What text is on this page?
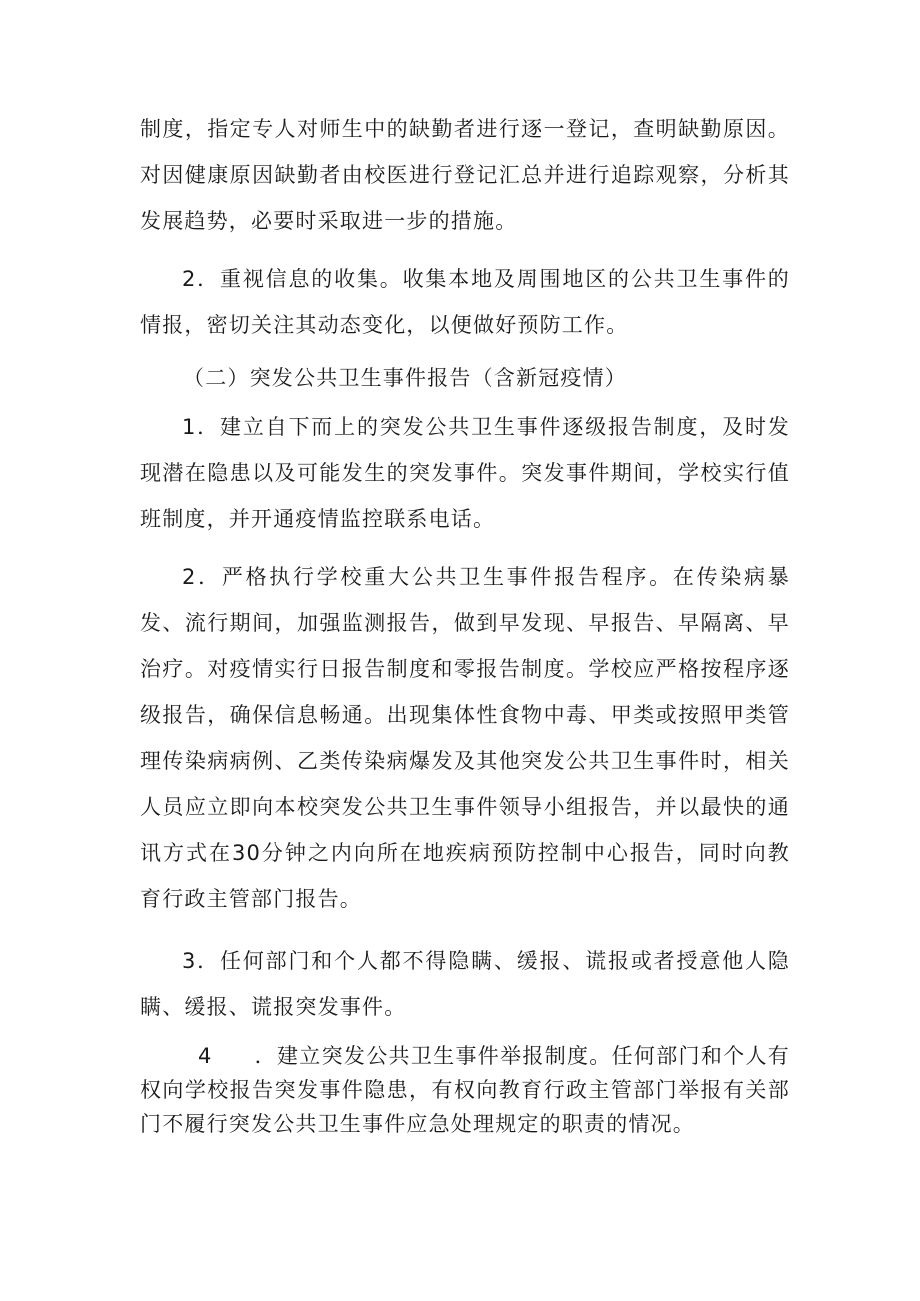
制度，指定专人对师生中的缺勤者进行逐一登记，查明缺勤原因。对因健康原因缺勤者由校医进行登记汇总并进行追踪观察，分析其发展趋势，必要时采取进一步的措施。

2．重视信息的收集。收集本地及周围地区的公共卫生事件的情报，密切关注其动态变化，以便做好预防工作。

（二）突发公共卫生事件报告（含新冠疫情）

1．建立自下而上的突发公共卫生事件逐级报告制度，及时发现潜在隐患以及可能发生的突发事件。突发事件期间，学校实行值班制度，并开通疫情监控联系电话。

2．严格执行学校重大公共卫生事件报告程序。在传染病暴发、流行期间，加强监测报告，做到早发现、早报告、早隔离、早治疗。对疫情实行日报告制度和零报告制度。学校应严格按程序逐级报告，确保信息畅通。出现集体性食物中毒、甲类或按照甲类管理传染病病例、乙类传染病爆发及其他突发公共卫生事件时，相关人员应立即向本校突发公共卫生事件领导小组报告，并以最快的通讯方式在30分钟之内向所在地疾病预防控制中心报告，同时向教育行政主管部门报告。

3．任何部门和个人都不得隐瞒、缓报、谎报或者授意他人隐瞒、缓报、谎报突发事件。

4 ．建立突发公共卫生事件举报制度。任何部门和个人有权向学校报告突发事件隐患，有权向教育行政主管部门举报有关部门不履行突发公共卫生事件应急处理规定的职责的情况。
